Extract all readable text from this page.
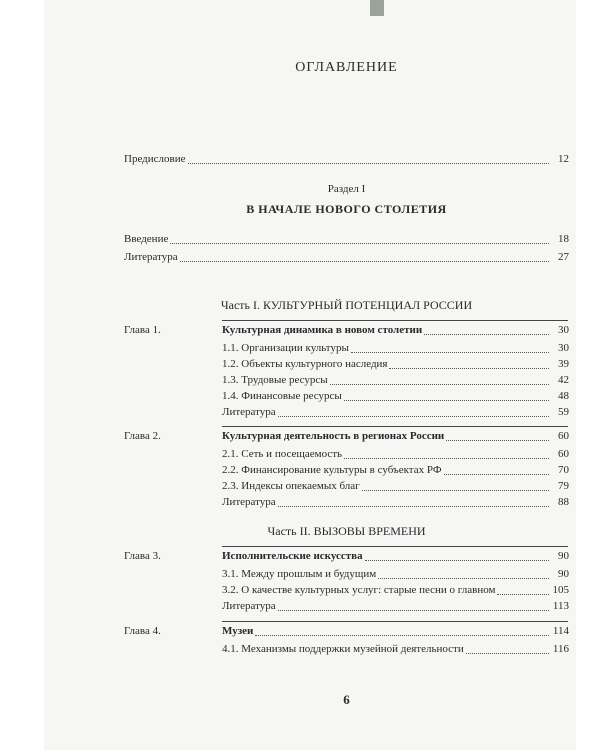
ОГЛАВЛЕНИЕ
Предисловие	12
Раздел I
В НАЧАЛЕ НОВОГО СТОЛЕТИЯ
Введение	18
Литература	27
Часть I. КУЛЬТУРНЫЙ ПОТЕНЦИАЛ РОССИИ
Глава 1.	Культурная динамика в новом столетии	30
1.1. Организации культуры	30
1.2. Объекты культурного наследия	39
1.3. Трудовые ресурсы	42
1.4. Финансовые ресурсы	48
Литература	59
Глава 2.	Культурная деятельность в регионах России	60
2.1. Сеть и посещаемость	60
2.2. Финансирование культуры в субъектах РФ	70
2.3. Индексы опекаемых благ	79
Литература	88
Часть II. ВЫЗОВЫ ВРЕМЕНИ
Глава 3.	Исполнительские искусства	90
3.1. Между прошлым и будущим	90
3.2. О качестве культурных услуг: старые песни о главном	105
Литература	113
Глава 4.	Музеи	114
4.1. Механизмы поддержки музейной деятельности	116
6
